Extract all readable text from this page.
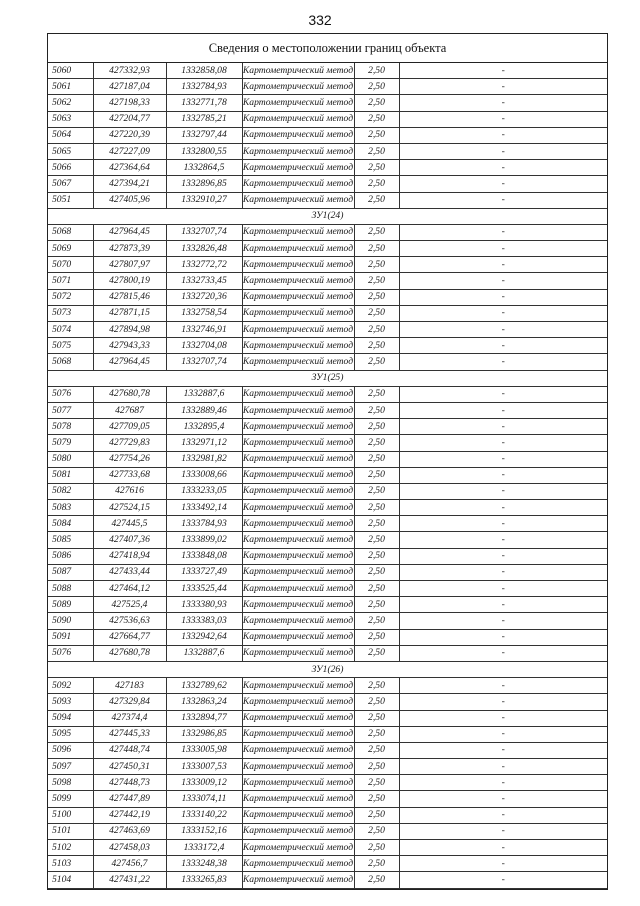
332
Сведения о местоположении границ объекта
5060	427332,93	1332858,08	Картометрический метод	2,50	-
5061	427187,04	1332784,93	Картометрический метод	2,50	-
5062	427198,33	1332771,78	Картометрический метод	2,50	-
5063	427204,77	1332785,21	Картометрический метод	2,50	-
5064	427220,39	1332797,44	Картометрический метод	2,50	-
5065	427227,09	1332800,55	Картометрический метод	2,50	-
5066	427364,64	1332864,5	Картометрический метод	2,50	-
5067	427394,21	1332896,85	Картометрический метод	2,50	-
5051	427405,96	1332910,27	Картометрический метод	2,50	-
ЗУ1(24)					
5068	427964,45	1332707,74	Картометрический метод	2,50	-
5069	427873,39	1332826,48	Картометрический метод	2,50	-
5070	427807,97	1332772,72	Картометрический метод	2,50	-
5071	427800,19	1332733,45	Картометрический метод	2,50	-
5072	427815,46	1332720,36	Картометрический метод	2,50	-
5073	427871,15	1332758,54	Картометрический метод	2,50	-
5074	427894,98	1332746,91	Картометрический метод	2,50	-
5075	427943,33	1332704,08	Картометрический метод	2,50	-
5068	427964,45	1332707,74	Картометрический метод	2,50	-
ЗУ1(25)					
5076	427680,78	1332887,6	Картометрический метод	2,50	-
5077	427687	1332889,46	Картометрический метод	2,50	-
5078	427709,05	1332895,4	Картометрический метод	2,50	-
5079	427729,83	1332971,12	Картометрический метод	2,50	-
5080	427754,26	1332981,82	Картометрический метод	2,50	-
5081	427733,68	1333008,66	Картометрический метод	2,50	-
5082	427616	1333233,05	Картометрический метод	2,50	-
5083	427524,15	1333492,14	Картометрический метод	2,50	-
5084	427445,5	1333784,93	Картометрический метод	2,50	-
5085	427407,36	1333899,02	Картометрический метод	2,50	-
5086	427418,94	1333848,08	Картометрический метод	2,50	-
5087	427433,44	1333727,49	Картометрический метод	2,50	-
5088	427464,12	1333525,44	Картометрический метод	2,50	-
5089	427525,4	1333380,93	Картометрический метод	2,50	-
5090	427536,63	1333383,03	Картометрический метод	2,50	-
5091	427664,77	1332942,64	Картометрический метод	2,50	-
5076	427680,78	1332887,6	Картометрический метод	2,50	-
ЗУ1(26)					
5092	427183	1332789,62	Картометрический метод	2,50	-
5093	427329,84	1332863,24	Картометрический метод	2,50	-
5094	427374,4	1332894,77	Картометрический метод	2,50	-
5095	427445,33	1332986,85	Картометрический метод	2,50	-
5096	427448,74	1333005,98	Картометрический метод	2,50	-
5097	427450,31	1333007,53	Картометрический метод	2,50	-
5098	427448,73	1333009,12	Картометрический метод	2,50	-
5099	427447,89	1333074,11	Картометрический метод	2,50	-
5100	427442,19	1333140,22	Картометрический метод	2,50	-
5101	427463,69	1333152,16	Картометрический метод	2,50	-
5102	427458,03	1333172,4	Картометрический метод	2,50	-
5103	427456,7	1333248,38	Картометрический метод	2,50	-
5104	427431,22	1333265,83	Картометрический метод	2,50	-
